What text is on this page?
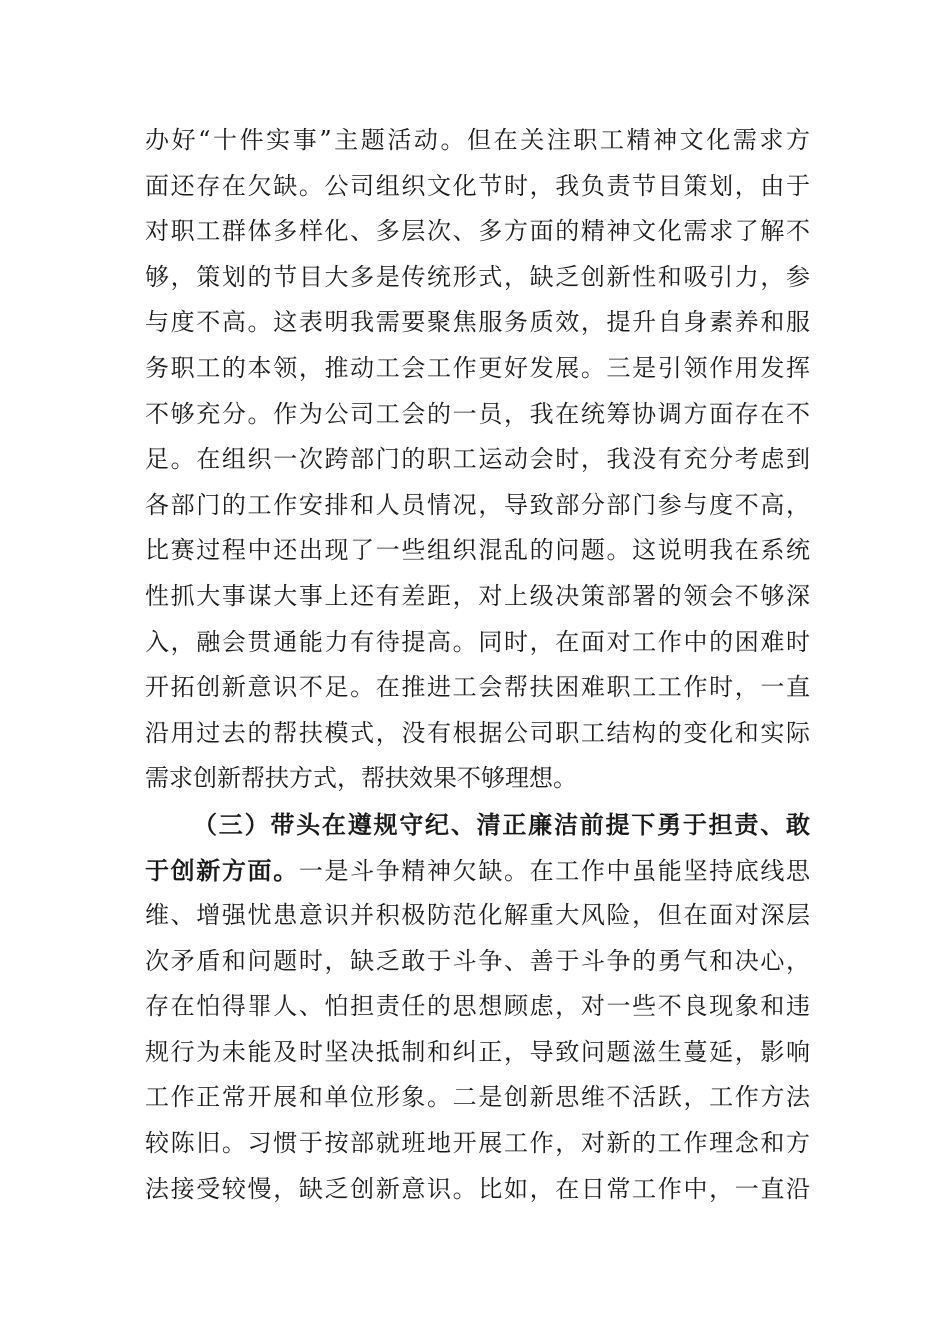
办好“十件实事”主题活动。但在关注职工精神文化需求方
面还存在欠缺。公司组织文化节时，我负责节目策划，由于
对职工群体多样化、多层次、多方面的精神文化需求了解不
够，策划的节目大多是传统形式，缺乏创新性和吸引力，参
与度不高。这表明我需要聚焦服务质效，提升自身素养和服
务职工的本领，推动工会工作更好发展。三是引领作用发挥
不够充分。作为公司工会的一员，我在统筹协调方面存在不
足。在组织一次跨部门的职工运动会时，我没有充分考虑到
各部门的工作安排和人员情况，导致部分部门参与度不高，
比赛过程中还出现了一些组织混乱的问题。这说明我在系统
性抓大事谋大事上还有差距，对上级决策部署的领会不够深
入，融会贯通能力有待提高。同时，在面对工作中的困难时
开拓创新意识不足。在推进工会帮扶困难职工工作时，一直
沿用过去的帮扶模式，没有根据公司职工结构的变化和实际
需求创新帮扶方式，帮扶效果不够理想。
（三）带头在遵规守纪、清正廉洁前提下勇于担责、敢
于创新方面。一是斗争精神欠缺。在工作中虽能坚持底线思
维、增强忧患意识并积极防范化解重大风险，但在面对深层
次矛盾和问题时，缺乏敢于斗争、善于斗争的勇气和决心，
存在怕得罪人、怕担责任的思想顾虑，对一些不良现象和违
规行为未能及时坚决抵制和纠正，导致问题滋生蔓延，影响
工作正常开展和单位形象。二是创新思维不活跃，工作方法
较陈旧。习惯于按部就班地开展工作，对新的工作理念和方
法接受较慢，缺乏创新意识。比如，在日常工作中，一直沿
